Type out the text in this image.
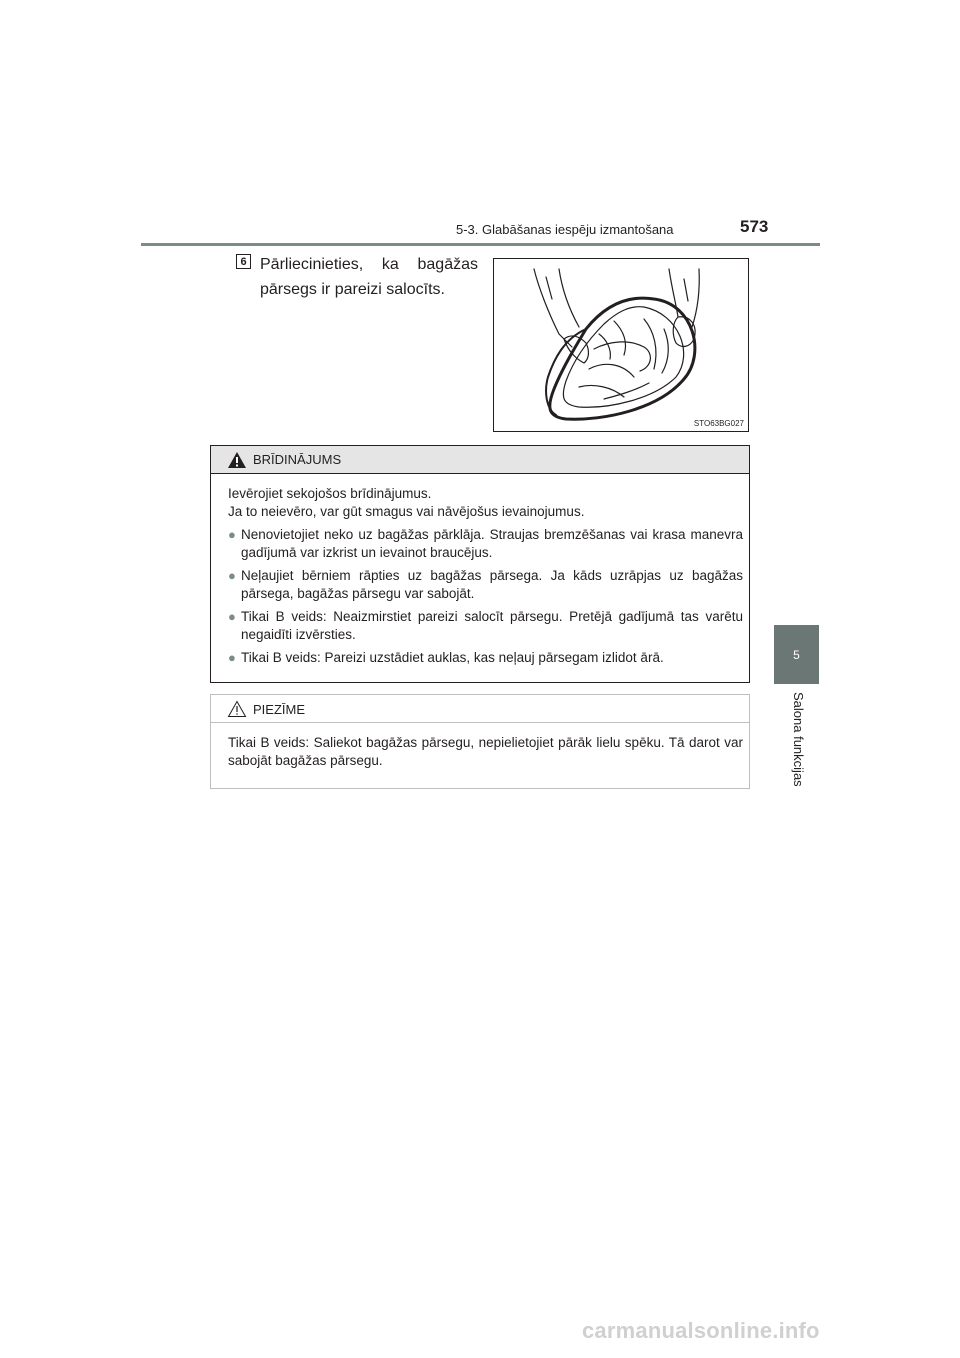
5-3. Glabāšanas iespēju izmantošana	573
5
Salona funkcijas
6 Pārliecinieties, ka bagāžas pārsegs ir pareizi salocīts.
STO63BG027
BRĪDINĀJUMS

Ievērojiet sekojošos brīdinājumus.

Ja to neievēro, var gūt smagus vai nāvējošus ievainojumus.

● Nenovietojiet neko uz bagāžas pārklāja. Straujas bremzēšanas vai krasa manevra gadījumā var izkrist un ievainot braucējus.
● Neļaujiet bērniem rāpties uz bagāžas pārsega. Ja kāds uzrāpjas uz bagāžas pārsega, bagāžas pārsegu var sabojāt.
● Tikai B veids: Neaizmirstiet pareizi salocīt pārsegu. Pretējā gadījumā tas varētu negaidīti izvērsties.
● Tikai B veids: Pareizi uzstādiet auklas, kas neļauj pārsegam izlidot ārā.
PIEZĪME
Tikai B veids: Saliekot bagāžas pārsegu, nepielietojiet pārāk lielu spēku. Tā darot var sabojāt bagāžas pārsegu.
carmanualsonline.info
